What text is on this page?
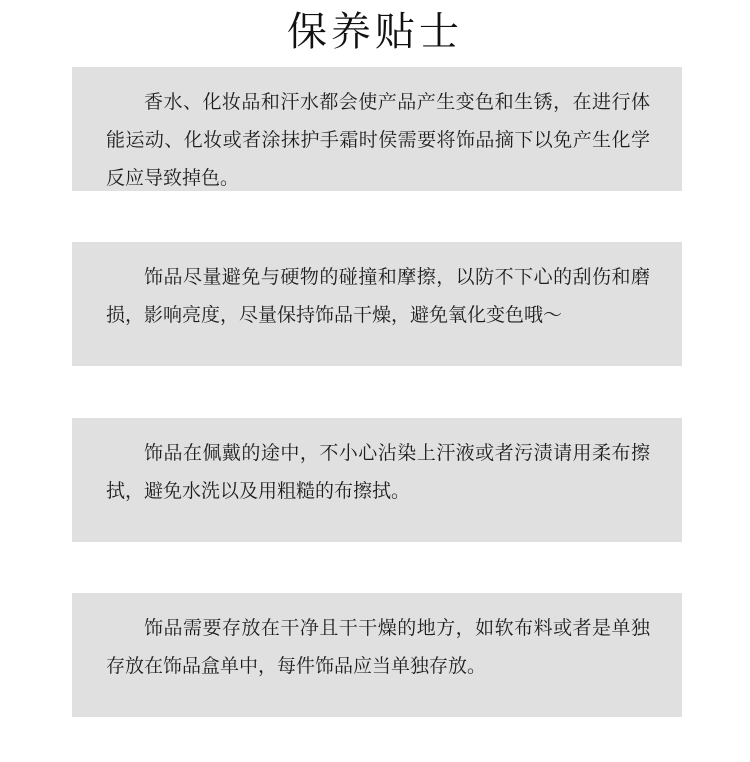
保养贴士

香水、化妆品和汗水都会使产品产生变色和生锈，在进行体能运动、化妆或者涂抹护手霜时侯需要将饰品摘下以免产生化学反应导致掉色。

饰品尽量避免与硬物的碰撞和摩擦，以防不下心的刮伤和磨损，影响亮度，尽量保持饰品干燥，避免氧化变色哦～

饰品在佩戴的途中，不小心沾染上汗液或者污渍请用柔布擦拭，避免水洗以及用粗糙的布擦拭。

饰品需要存放在干净且干干燥的地方，如软布料或者是单独存放在饰品盒单中，每件饰品应当单独存放。
